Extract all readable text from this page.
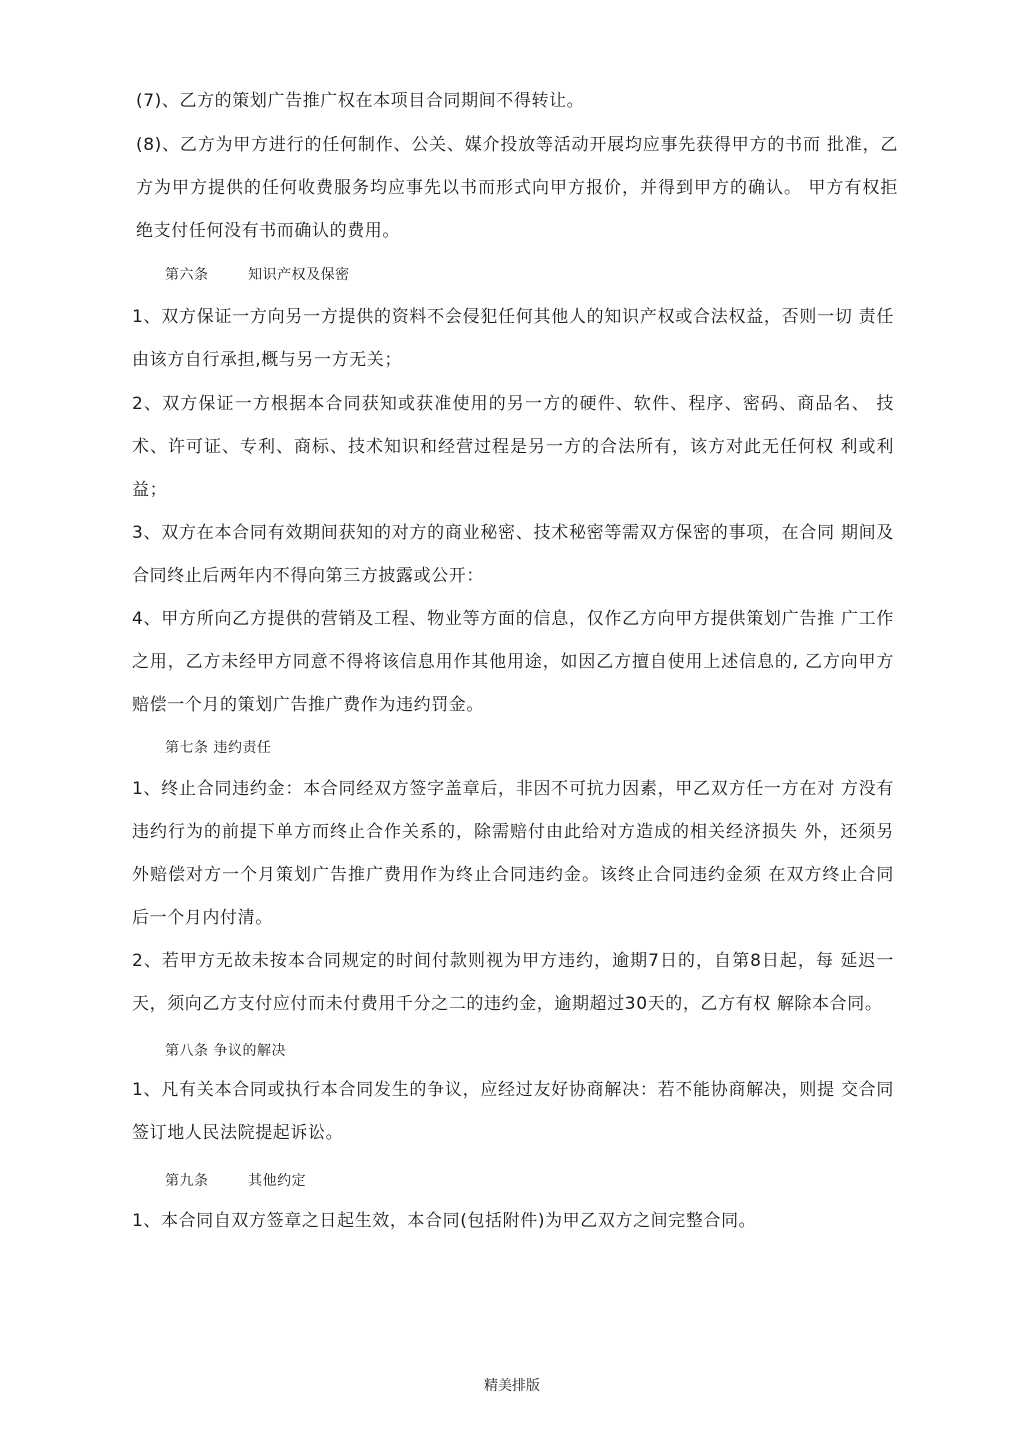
(7)、乙方的策划广告推广权在本项目合同期间不得转让。

(8)、乙方为甲方进行的任何制作、公关、媒介投放等活动开展均应事先获得甲方的书而 批准，乙方为甲方提供的任何收费服务均应事先以书而形式向甲方报价，并得到甲方的确认。 甲方有权拒绝支付任何没有书而确认的费用。

第六条        知识产权及保密

1、双方保证一方向另一方提供的资料不会侵犯任何其他人的知识产权或合法权益，否则一切 责任由该方自行承担,概与另一方无关；

2、双方保证一方根据本合同获知或获准使用的另一方的硬件、软件、程序、密码、商品名、 技术、许可证、专利、商标、技术知识和经营过程是另一方的合法所有，该方对此无任何权 利或利益；

3、双方在本合同有效期间获知的对方的商业秘密、技术秘密等需双方保密的事项，在合同 期间及合同终止后两年内不得向第三方披露或公开：

4、甲方所向乙方提供的营销及工程、物业等方面的信息，仅作乙方向甲方提供策划广告推 广工作之用，乙方未经甲方同意不得将该信息用作其他用途，如因乙方擅自使用上述信息的, 乙方向甲方赔偿一个月的策划广告推广费作为违约罚金。

第七条 违约责任

1、终止合同违约金：本合同经双方签字盖章后，非因不可抗力因素，甲乙双方任一方在对 方没有违约行为的前提下单方而终止合作关系的，除需赔付由此给对方造成的相关经济损失 外，还须另外赔偿对方一个月策划广告推广费用作为终止合同违约金。该终止合同违约金须 在双方终止合同后一个月内付清。

2、若甲方无故未按本合同规定的时间付款则视为甲方违约，逾期7日的，自第8日起，每 延迟一天，须向乙方支付应付而未付费用千分之二的违约金，逾期超过30天的，乙方有权 解除本合同。

第八条 争议的解决

1、凡有关本合同或执行本合同发生的争议，应经过友好协商解决：若不能协商解决，则提 交合同签订地人民法院提起诉讼。

第九条        其他约定

1、本合同自双方签章之日起生效，本合同(包括附件)为甲乙双方之间完整合同。

精美排版
